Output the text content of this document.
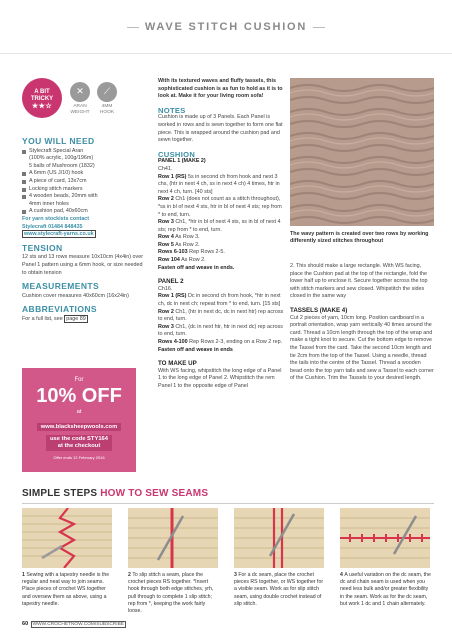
WAVE STITCH CUSHION
A BIT
TRICKY
★★☆
✕
ARAN
WEIGHT
⟋
4MM
HOOK
YOU WILL NEED
Stylecraft Special Aran
(100% acrylic, 100g/196m)
5 balls of Mushroom (1832)
A 6mm (US J/10) hook
A piece of card, 13x7cm
Locking stitch markers
4 wooden beads, 20mm with
4mm inner holes
A cushion pad, 40x60cm
For yarn stockists contact
Stylecraft 01484 848435
www.stylecraft-yarns.co.uk
TENSION
12 sts and 13 rows measure 10x10cm (4x4in) over Panel 1 pattern using a 6mm hook, or size needed to obtain tension
MEASUREMENTS
Cushion cover measures 40x60cm (16x24in)
ABBREVIATIONS
For a full list, see page 89
For
10% OFF
at
www.blacksheepwools.com
use the code STY164
at the checkout
Offer ends 12 February 2016
With its textured waves and fluffy tassels, this sophisticated cushion is as fun to hold as it is to look at. Make it for your living room sofa!
NOTES
Cushion is made up of 3 Panels. Each Panel is worked in rows and is sewn together to form one flat piece. This is wrapped around the cushion pad and sewn together.
CUSHION
PANEL 1 (MAKE 2)
Ch41.
Row 1 (RS) 5s in second ch from hook and next 3 chs, (htr in next 4 ch, ss in next 4 ch) 4 times, htr in next 4 ch, turn. [40 sts]
Row 2 Ch1 (does not count as a stitch throughout), *ss in bl of next 4 sts, htr in bl of next 4 sts; rep from * to end, turn.
Row 3 Ch1, *htr in bl of next 4 sts, ss in bl of next 4 sts; rep from * to end, turn.
Row 4 As Row 3.
Row 5 As Row 2.
Rows 6-103 Rep Rows 2-5.
Row 104 As Row 2.
Fasten off and weave in ends.
PANEL 2
Ch16.
Row 1 (RS) Dc in second ch from hook, *htr in next ch, dc in next ch; repeat from * to end, turn. [15 sts]
Row 2 Ch1, (htr in next dc, dc in next htr) rep across to end, turn.
Row 3 Ch1, (dc in next htr, htr in next dc) rep across to end, turn.
Rows 4-100 Rep Rows 2-3, ending on a Row 2 rep.
Fasten off and weave in ends
TO MAKE UP
With WS facing, whipstitch the long edge of a Panel 1 to the long edge of Panel 2. Whipstitch the rem Panel 1 to the opposite edge of Panel
The wavy pattern is created over two rows by working differently sized stitches throughout
2. This should make a large rectangle. With WS facing, place the Cushion pad at the top of the rectangle, fold the lower half up to enclose it. Secure together across the top with stitch markers and sew closed. Whipstitch the sides closed in the same way
TASSELS (MAKE 4)
Cut 2 pieces of yarn, 10cm long. Position cardboard in a portrait orientation, wrap yarn vertically 40 times around the card. Thread a 10cm length through the top of the wrap and make a tight knot to secure. Cut the bottom edge to remove the Tassel from the card. Take the second 10cm length and tie 2cm from the top of the Tassel. Using a needle, thread the tails into the centre of the Tassel. Thread a wooden bead onto the top yarn tails and sew a Tassel to each corner of the Cushion. Trim the Tassels to your desired length.
SIMPLE STEPS HOW TO SEW SEAMS
1 Sewing with a tapestry needle is the regular and neat way to join seams. Place pieces of crochet WS together and oversew them as above, using a tapestry needle.
2 To slip stitch a seam, place the crochet pieces RS together. *Insert hook through both edge stitches, yrh, pull through to complete 1 slip stitch; rep from *, keeping the work fairly loose.
3 For a dc seam, place the crochet pieces RS together, or WS together for a visible seam. Work as for slip stitch seam, using double crochet instead of slip stitch.
4 A useful variation on the dc seam, the dc and chain seam is used when you need less bulk and/or greater flexibility in the seam. Work as for the dc seam, but work 1 dc and 1 chain alternately.
60 WWW.CROCHETNOW.COM/SUBSCRIBE
